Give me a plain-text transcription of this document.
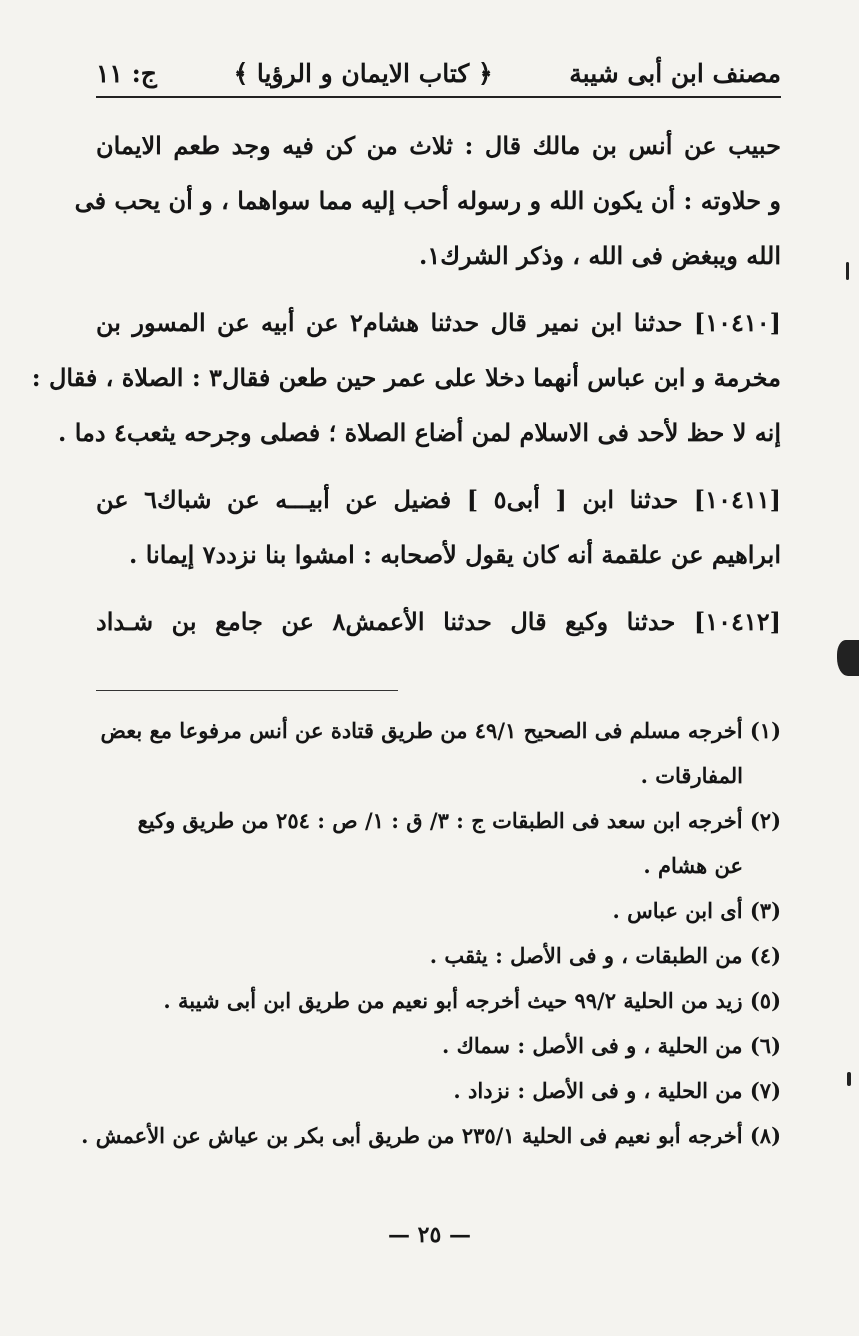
مصنف ابن أبى شيبة
﴿ كتاب الايمان و الرؤيا ﴾
ج: ١١
حبيب عن أنس بن مالك قال : ثلاث من كن فيه وجد طعم الايمان
و حلاوته : أن يكون الله و رسوله أحب إليه مما سواهما ، و أن يحب فى
الله ويبغض فى الله ، وذكر الشرك١.
[١٠٤١٠] حدثنا ابن نمير قال حدثنا هشام٢ عن أبيه عن المسور بن
مخرمة و ابن عباس أنهما دخلا على عمر حين طعن فقال٣ : الصلاة ، فقال :
إنه لا حظ لأحد فى الاسلام لمن أضاع الصلاة ؛ فصلى وجرحه يثعب٤ دما .
[١٠٤١١] حدثنا ابن [ أبى٥ ] فضيل عن أبيـــه عن شباك٦ عن
ابراهيم عن علقمة أنه كان يقول لأصحابه : امشوا بنا نزدد٧ إيمانا .
[١٠٤١٢] حدثنا وكيع قال حدثنا الأعمش٨ عن جامع بن شـداد
(١) أخرجه مسلم فى الصحيح ٤٩/١ من طريق قتادة عن أنس مرفوعا مع بعض
المفارقات .
(٢) أخرجه ابن سعد فى الطبقات ج : ٣/ ق : ١/ ص : ٢٥٤ من طريق وكيع
عن هشام .
(٣) أى ابن عباس .
(٤) من الطبقات ، و فى الأصل : يثقب .
(٥) زيد من الحلية ٩٩/٢ حيث أخرجه أبو نعيم من طريق ابن أبى شيبة .
(٦) من الحلية ، و فى الأصل : سماك .
(٧) من الحلية ، و فى الأصل : نزداد .
(٨) أخرجه أبو نعيم فى الحلية ٢٣٥/١ من طريق أبى بكر بن عياش عن الأعمش .
— ٢٥ —
